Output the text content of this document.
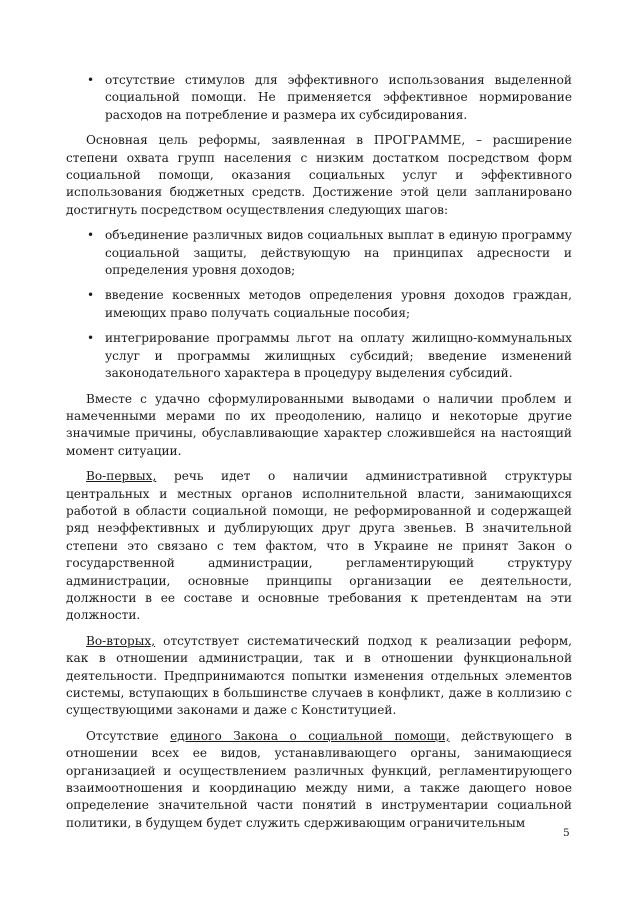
• отсутствие стимулов для эффективного использования выделенной социальной помощи. Не применяется эффективное нормирование расходов на потребление и размера их субсидирования.

Основная цель реформы, заявленная в ПРОГРАММЕ, – расширение степени охвата групп населения с низким достатком посредством форм социальной помощи, оказания социальных услуг и эффективного использования бюджетных средств. Достижение этой цели запланировано достигнуть посредством осуществления следующих шагов:

• объединение различных видов социальных выплат в единую программу социальной защиты, действующую на принципах адресности и определения уровня доходов;
• введение косвенных методов определения уровня доходов граждан, имеющих право получать социальные пособия;
• интегрирование программы льгот на оплату жилищно-коммунальных услуг и программы жилищных субсидий; введение изменений законодательного характера в процедуру выделения субсидий.

Вместе с удачно сформулированными выводами о наличии проблем и намеченными мерами по их преодолению, налицо и некоторые другие значимые причины, обуславливающие характер сложившейся на настоящий момент ситуации.

Во-первых, речь идет о наличии административной структуры центральных и местных органов исполнительной власти, занимающихся работой в области социальной помощи, не реформированной и содержащей ряд неэффективных и дублирующих друг друга звеньев. В значительной степени это связано с тем фактом, что в Украине не принят Закон о государственной администрации, регламентирующий структуру администрации, основные принципы организации ее деятельности, должности в ее составе и основные требования к претендентам на эти должности.

Во-вторых, отсутствует систематический подход к реализации реформ, как в отношении администрации, так и в отношении функциональной деятельности. Предпринимаются попытки изменения отдельных элементов системы, вступающих в большинстве случаев в конфликт, даже в коллизию с существующими законами и даже с Конституцией.

Отсутствие единого Закона о социальной помощи, действующего в отношении всех ее видов, устанавливающего органы, занимающиеся организацией и осуществлением различных функций, регламентирующего взаимоотношения и координацию между ними, а также дающего новое определение значительной части понятий в инструментарии социальной политики, в будущем будет служить сдерживающим ограничительным

5
